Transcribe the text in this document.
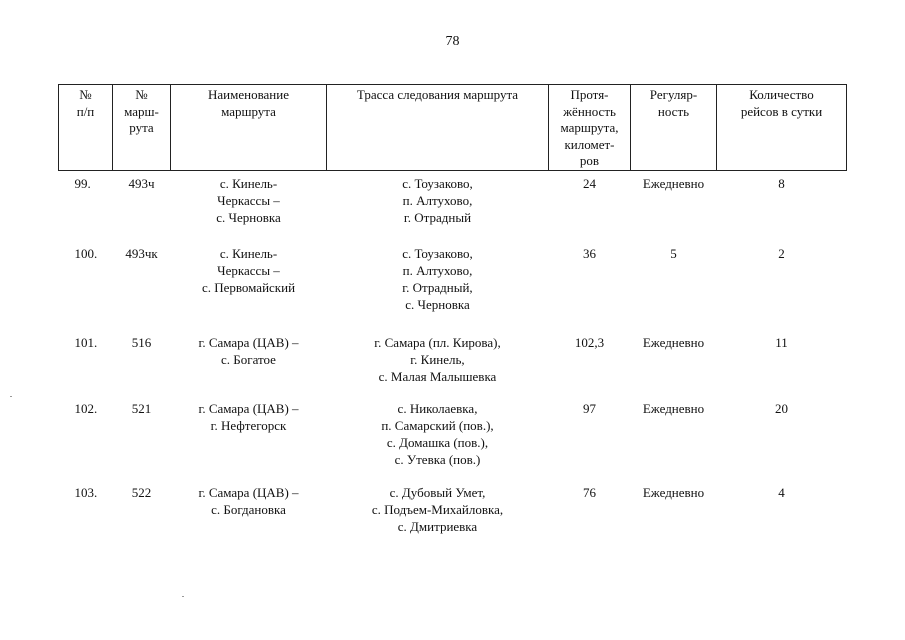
78
№
п/п	№
марш-
рута	Наименование
маршрута	Трасса следования маршрута	Протя-
жённость
маршрута,
километ-
ров	Регуляр-
ность	Количество
рейсов в сутки
99.	493ч	с. Кинель-
Черкассы –
с. Черновка	с. Тоузаково,
п. Алтухово,
г. Отрадный	24	Ежедневно	8
100.	493чк	с. Кинель-
Черкассы –
с. Первомайский	с. Тоузаково,
п. Алтухово,
г. Отрадный,
с. Черновка	36	5	2
101.	516	г. Самара (ЦАВ) –
с. Богатое	г. Самара (пл. Кирова),
г. Кинель,
с. Малая Малышевка	102,3	Ежедневно	11
102.	521	г. Самара (ЦАВ) –
г. Нефтегорск	с. Николаевка,
п. Самарский (пов.),
с. Домашка (пов.),
с. Утевка (пов.)	97	Ежедневно	20
103.	522	г. Самара (ЦАВ) –
с. Богдановка	с. Дубовый Умет,
с. Подъем-Михайловка,
с. Дмитриевка	76	Ежедневно	4
